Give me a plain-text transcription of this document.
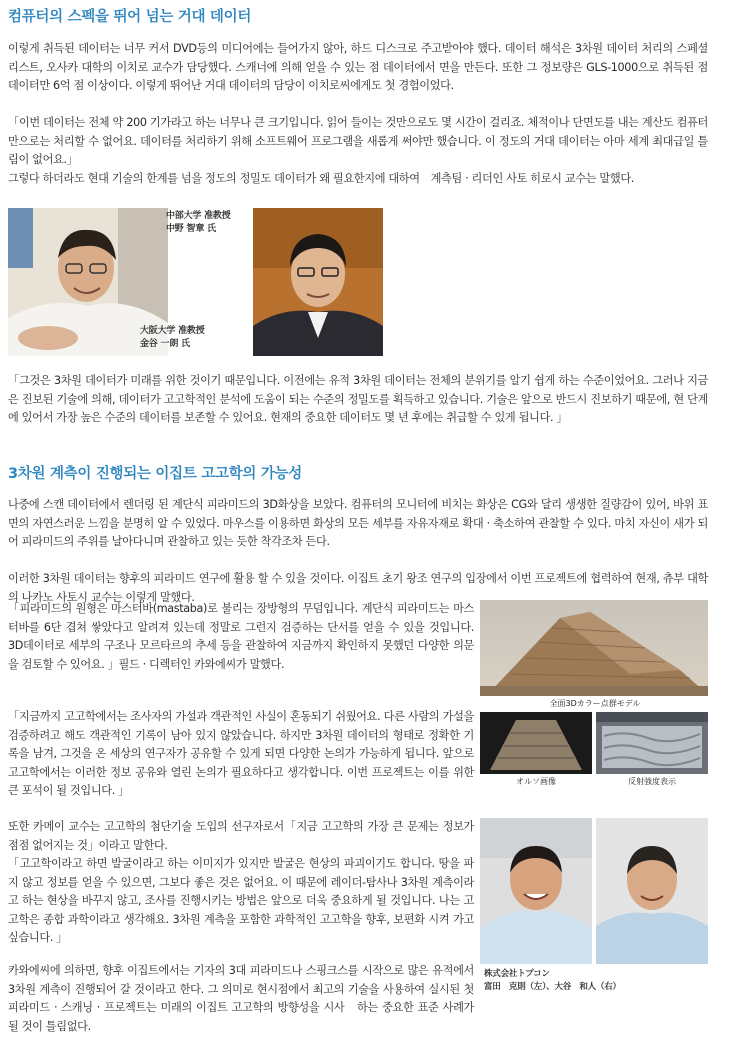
컴퓨터의 스펙을 뛰어 넘는 거대 데이터

이렇게 취득된 데이터는 너무 커서 DVD등의 미디어에는 들어가지 않아, 하드 디스크로 주고받아야 했다. 데이터 해석은 3차원 데이터 처리의 스페셜리스트, 오사카 대학의 이치로 교수가 담당했다. 스캐너에 의해 얻을 수 있는 점 데이터에서 면을 만든다. 또한 그 정보량은 GLS-1000으로 취득된 점 데이터만 6억 점 이상이다. 이렇게 뛰어난 거대 데이터의 담당이 이치로씨에게도 첫 경험이었다.

「이번 데이터는 전체 약 200 기가라고 하는 너무나 큰 크기입니다. 읽어 들이는 것만으로도 몇 시간이 걸리죠. 체적이나 단면도를 내는 계산도 컴퓨터만으로는 처리할 수 없어요. 데이터를 처리하기 위해 소프트웨어 프로그램을 새롭게 써야만 했습니다. 이 정도의 거대 데이터는 아마 세계 최대급일 틀림이 없어요.」

그렇다 하더라도 현대 기술의 한계를 넘을 정도의 정밀도 데이터가 왜 필요한지에 대하여　계측팀 · 리더인 사토 히로시 교수는 말했다.

中部大学 准教授
中野 智章 氏
大阪大学 准教授
金谷 一朗 氏

「그것은 3차원 데이터가 미래를 위한 것이기 때문입니다. 이전에는 유적 3차원 데이터는 전체의 분위기를 알기 쉽게 하는 수준이었어요. 그러나 지금은 진보된 기술에 의해, 데이터가 고고학적인 분석에 도움이 되는 수준의 정밀도를 획득하고 있습니다. 기술은 앞으로 반드시 진보하기 때문에, 현 단계에 있어서 가장 높은 수준의 데이터를 보존할 수 있어요. 현재의 중요한 데이터도 몇 년 후에는 취급할 수 있게 됩니다. 」

3차원 계측이 진행되는 이집트 고고학의 가능성

나중에 스캔 데이터에서 렌더링 된 계단식 피라미드의 3D화상을 보았다. 컴퓨터의 모니터에 비치는 화상은 CG와 달리 생생한 질량감이 있어, 바위 표면의 자연스러운 느낌을 분명히 알 수 있었다. 마우스를 이용하면 화상의 모든 세부를 자유자재로 확대 · 축소하여 관찰할 수 있다. 마치 자신이 새가 되어 피라미드의 주위를 날아다니며 관찰하고 있는 듯한 착각조차 든다.

이러한 3차원 데이터는 향후의 피라미드 연구에 활용 할 수 있을 것이다. 이집트 초기 왕조 연구의 입장에서 이번 프로젝트에 협력하여 현재, 츄부 대학의 나카노 사토시 교수는 이렇게 말했다.

「피라미드의 원형은 마스터바(mastaba)로 불리는 장방형의 무덤입니다. 계단식 피라미드는 마스터바를 6단 겹쳐 쌓았다고 알려져 있는데 정말로 그런지 검증하는 단서를 얻을 수 있을 것입니다. 3D데이터로 세부의 구조나 모르타르의 추세 등을 관찰하여 지금까지 확인하지 못했던 다양한 의문을 검토할 수 있어요. 」필드 · 디렉터인 카와에씨가 말했다.

全面3Dカラー点群モデル

「지금까지 고고학에서는 조사자의 가설과 객관적인 사실이 혼동되기 쉬웠어요. 다른 사람의 가설을 검증하려고 해도 객관적인 기록이 남아 있지 않았습니다. 하지만 3차원 데이터의 형태로 정확한 기록을 남겨, 그것을 온 세상의 연구자가 공유할 수 있게 되면 다양한 논의가 가능하게 됩니다. 앞으로 고고학에서는 이러한 정보 공유와 열린 논의가 필요하다고 생각합니다. 이번 프로젝트는 이를 위한 큰 포석이 될 것입니다. 」

オルソ画像	反射強度表示

또한 카메이 교수는 고고학의 첨단기술 도입의 선구자로서「지금 고고학의 가장 큰 문제는 정보가 점점 없어지는 것」이라고 말한다.

「고고학이라고 하면 발굴이라고 하는 이미지가 있지만 발굴은 현상의 파괴이기도 합니다. 땅을 파지 않고 정보를 얻을 수 있으면, 그보다 좋은 것은 없어요. 이 때문에 레이더-탐사나 3차원 계측이라고 하는 현상을 바꾸지 않고, 조사를 진행시키는 방법은 앞으로 더욱 중요하게 될 것입니다. 나는 고고학은 종합 과학이라고 생각해요. 3차원 계측을 포함한 과학적인 고고학을 향후, 보편화 시켜 가고 싶습니다. 」

株式会社トプコン
富田　克則（左）、大谷　和人（右）

카와에씨에 의하면, 향후 이집트에서는 기자의 3대 피라미드나 스핑크스를 시작으로 많은 유적에서 3차원 계측이 진행되어 갈 것이라고 한다. 그 의미로 현시점에서 최고의 기술을 사용하여 실시된 첫 피라미드 · 스캐닝 · 프로젝트는 미래의 이집트 고고학의 방향성을 시사　하는 중요한 표준 사례가 될 것이 틀림없다.
